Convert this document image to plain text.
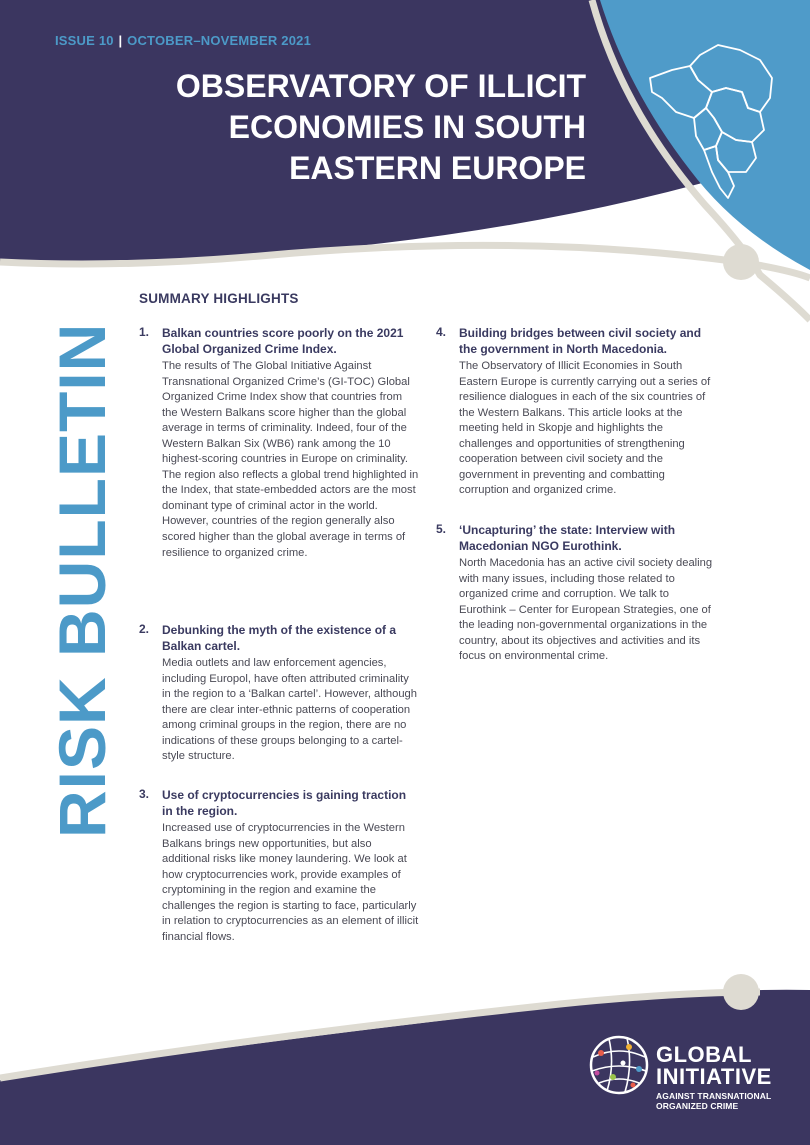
ISSUE 10 | OCTOBER–NOVEMBER 2021
OBSERVATORY OF ILLICIT
ECONOMIES IN SOUTH
EASTERN EUROPE
RISK BULLETIN
SUMMARY HIGHLIGHTS
1. Balkan countries score poorly on the 2021 Global Organized Crime Index.
The results of The Global Initiative Against Transnational Organized Crime’s (GI-TOC) Global Organized Crime Index show that countries from the Western Balkans score higher than the global average in terms of criminality. Indeed, four of the Western Balkan Six (WB6) rank among the 10 highest-scoring countries in Europe on criminality. The region also reflects a global trend highlighted in the Index, that state-embedded actors are the most dominant type of criminal actor in the world. However, countries of the region generally also scored higher than the global average in terms of resilience to organized crime.
2. Debunking the myth of the existence of a Balkan cartel.
Media outlets and law enforcement agencies, including Europol, have often attributed criminality in the region to a ‘Balkan cartel’. However, although there are clear inter-ethnic patterns of cooperation among criminal groups in the region, there are no indications of these groups belonging to a cartel-style structure.
3. Use of cryptocurrencies is gaining traction in the region.
Increased use of cryptocurrencies in the Western Balkans brings new opportunities, but also additional risks like money laundering. We look at how cryptocurrencies work, provide examples of cryptomining in the region and examine the challenges the region is starting to face, particularly in relation to cryptocurrencies as an element of illicit financial flows.
4. Building bridges between civil society and the government in North Macedonia.
The Observatory of Illicit Economies in South Eastern Europe is currently carrying out a series of resilience dialogues in each of the six countries of the Western Balkans. This article looks at the meeting held in Skopje and highlights the challenges and opportunities of strengthening cooperation between civil society and the government in preventing and combatting corruption and organized crime.
5. ‘Uncapturing’ the state: Interview with Macedonian NGO Eurothink.
North Macedonia has an active civil society dealing with many issues, including those related to organized crime and corruption. We talk to Eurothink – Center for European Strategies, one of the leading non-governmental organizations in the country, about its objectives and activities and its focus on environmental crime.
GLOBAL
INITIATIVE
AGAINST TRANSNATIONAL
ORGANIZED CRIME
